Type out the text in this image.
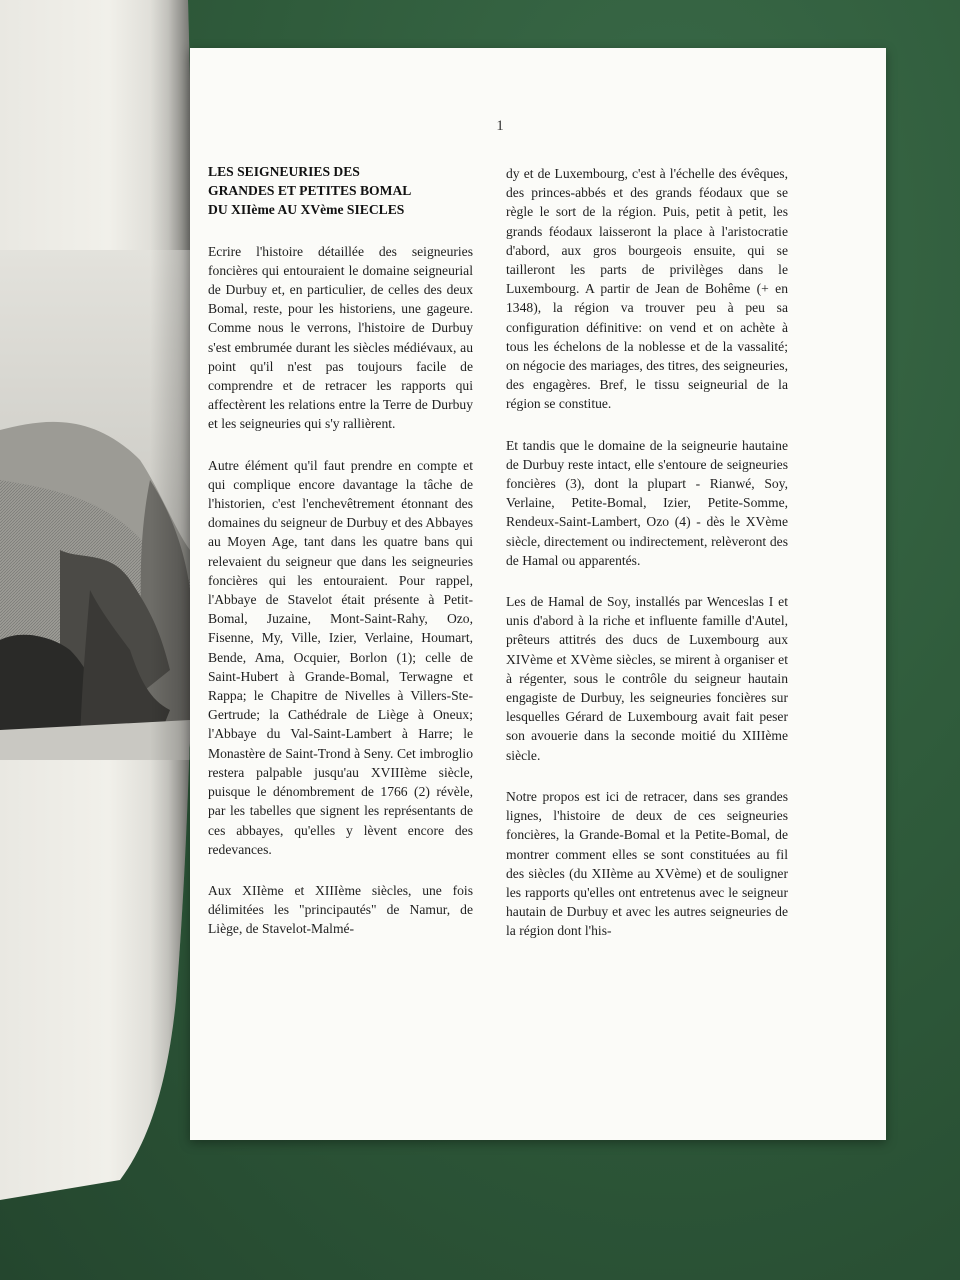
1
LES SEIGNEURIES DES
GRANDES ET PETITES BOMAL
DU XIIème AU XVème SIECLES

Ecrire l'histoire détaillée des seigneuries foncières qui entouraient le domaine seigneurial de Durbuy et, en particulier, de celles des deux Bomal, reste, pour les historiens, une gageure. Comme nous le verrons, l'histoire de Durbuy s'est embrumée durant les siècles médiévaux, au point qu'il n'est pas toujours facile de comprendre et de retracer les rapports qui affectèrent les relations entre la Terre de Durbuy et les seigneuries qui s'y rallièrent.

Autre élément qu'il faut prendre en compte et qui complique encore davantage la tâche de l'historien, c'est l'enchevêtrement étonnant des domaines du seigneur de Durbuy et des Abbayes au Moyen Age, tant dans les quatre bans qui relevaient du seigneur que dans les seigneuries foncières qui les entouraient. Pour rappel, l'Abbaye de Stavelot était présente à Petit-Bomal, Juzaine, Mont-Saint-Rahy, Ozo, Fisenne, My, Ville, Izier, Verlaine, Houmart, Bende, Ama, Ocquier, Borlon (1); celle de Saint-Hubert à Grande-Bomal, Terwagne et Rappa; le Chapitre de Nivelles à Villers-Ste-Gertrude; la Cathédrale de Liège à Oneux; l'Abbaye du Val-Saint-Lambert à Harre; le Monastère de Saint-Trond à Seny. Cet imbroglio restera palpable jusqu'au XVIIIème siècle, puisque le dénombrement de 1766 (2) révèle, par les tabelles que signent les représentants de ces abbayes, qu'elles y lèvent encore des redevances.

Aux XIIème et XIIIème siècles, une fois délimitées les "principautés" de Namur, de Liège, de Stavelot-Malmé-

dy et de Luxembourg, c'est à l'échelle des évêques, des princes-abbés et des grands féodaux que se règle le sort de la région. Puis, petit à petit, les grands féodaux laisseront la place à l'aristocratie d'abord, aux gros bourgeois ensuite, qui se tailleront les parts de privilèges dans le Luxembourg. A partir de Jean de Bohême (+ en 1348), la région va trouver peu à peu sa configuration définitive: on vend et on achète à tous les échelons de la noblesse et de la vassalité; on négocie des mariages, des titres, des seigneuries, des engagères. Bref, le tissu seigneurial de la région se constitue.

Et tandis que le domaine de la seigneurie hautaine de Durbuy reste intact, elle s'entoure de seigneuries foncières (3), dont la plupart - Rianwé, Soy, Verlaine, Petite-Bomal, Izier, Petite-Somme, Rendeux-Saint-Lambert, Ozo (4) - dès le XVème siècle, directement ou indirectement, relèveront des de Hamal ou apparentés.

Les de Hamal de Soy, installés par Wenceslas I et unis d'abord à la riche et influente famille d'Autel, prêteurs attitrés des ducs de Luxembourg aux XIVème et XVème siècles, se mirent à organiser et à régenter, sous le contrôle du seigneur hautain engagiste de Durbuy, les seigneuries foncières sur lesquelles Gérard de Luxembourg avait fait peser son avouerie dans la seconde moitié du XIIIème siècle.

Notre propos est ici de retracer, dans ses grandes lignes, l'histoire de deux de ces seigneuries foncières, la Grande-Bomal et la Petite-Bomal, de montrer comment elles se sont constituées au fil des siècles (du XIIème au XVème) et de souligner les rapports qu'elles ont entretenus avec le seigneur hautain de Durbuy et avec les autres seigneuries de la région dont l'his-
